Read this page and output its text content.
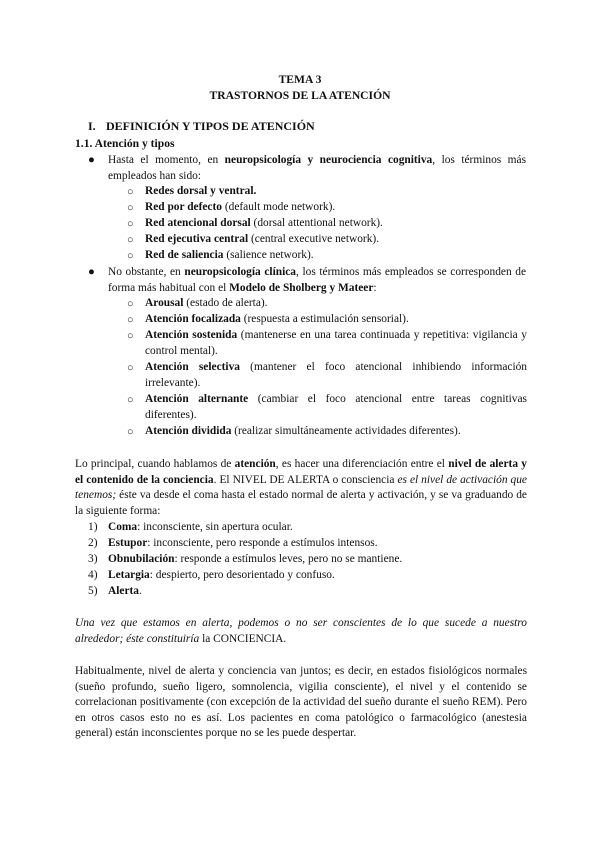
TEMA 3
TRASTORNOS DE LA ATENCIÓN
I. DEFINICIÓN Y TIPOS DE ATENCIÓN
1.1. Atención y tipos
● Hasta el momento, en neuropsicología y neurociencia cognitiva, los términos más empleados han sido:
○ Redes dorsal y ventral.
○ Red por defecto (default mode network).
○ Red atencional dorsal (dorsal attentional network).
○ Red ejecutiva central (central executive network).
○ Red de saliencia (salience network).
● No obstante, en neuropsicología clínica, los términos más empleados se corresponden de forma más habitual con el Modelo de Sholberg y Mateer:
○ Arousal (estado de alerta).
○ Atención focalizada (respuesta a estimulación sensorial).
○ Atención sostenida (mantenerse en una tarea continuada y repetitiva: vigilancia y control mental).
○ Atención selectiva (mantener el foco atencional inhibiendo información irrelevante).
○ Atención alternante (cambiar el foco atencional entre tareas cognitivas diferentes).
○ Atención dividida (realizar simultáneamente actividades diferentes).
Lo principal, cuando hablamos de atención, es hacer una diferenciación entre el nivel de alerta y el contenido de la conciencia. El NIVEL DE ALERTA o consciencia es el nivel de activación que tenemos; éste va desde el coma hasta el estado normal de alerta y activación, y se va graduando de la siguiente forma:
1) Coma: inconsciente, sin apertura ocular.
2) Estupor: inconsciente, pero responde a estímulos intensos.
3) Obnubilación: responde a estímulos leves, pero no se mantiene.
4) Letargia: despierto, pero desorientado y confuso.
5) Alerta.
Una vez que estamos en alerta, podemos o no ser conscientes de lo que sucede a nuestro alrededor; éste constituiría la CONCIENCIA.
Habitualmente, nivel de alerta y conciencia van juntos; es decir, en estados fisiológicos normales (sueño profundo, sueño ligero, somnolencia, vigilia consciente), el nivel y el contenido se correlacionan positivamente (con excepción de la actividad del sueño durante el sueño REM). Pero en otros casos esto no es así. Los pacientes en coma patológico o farmacológico (anestesia general) están inconscientes porque no se les puede despertar.
